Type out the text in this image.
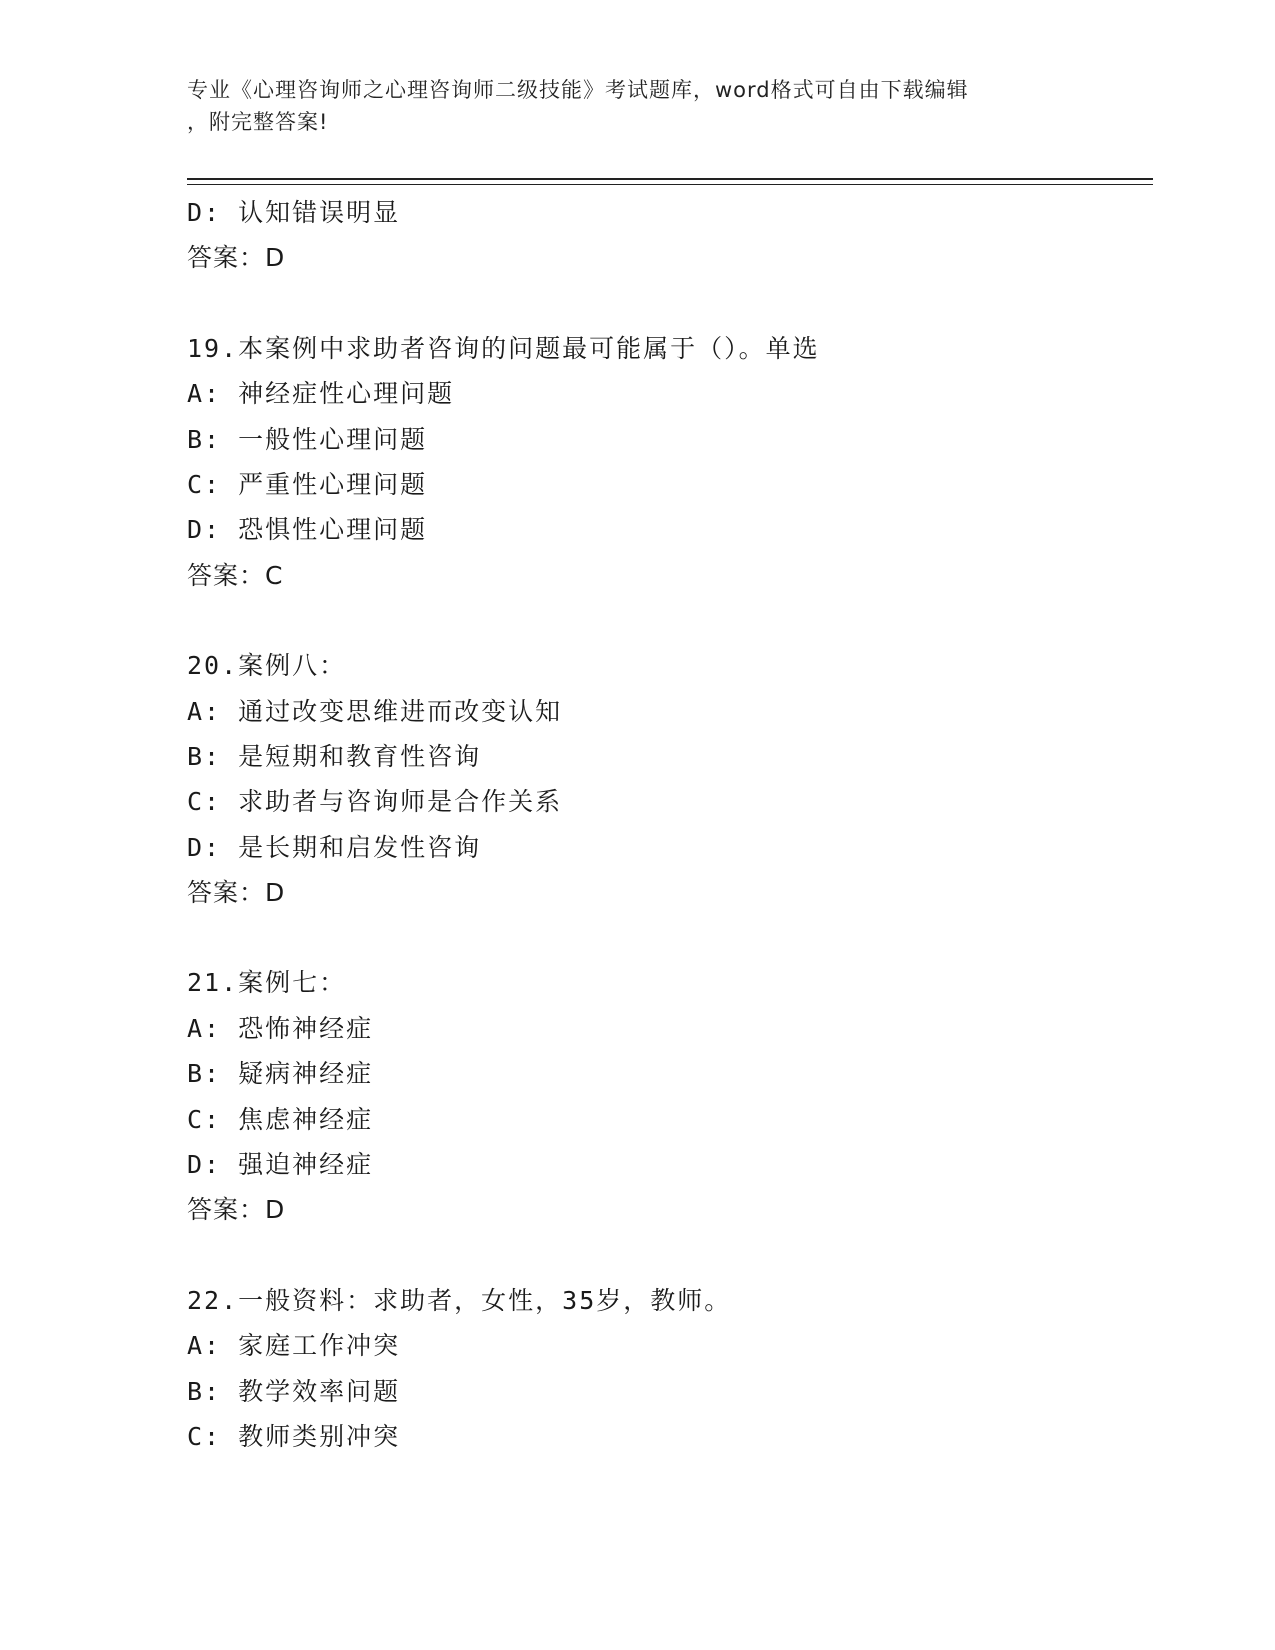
专业《心理咨询师之心理咨询师二级技能》考试题库，word格式可自由下载编辑
，附完整答案!
D: 认知错误明显
答案：D
19.本案例中求助者咨询的问题最可能属于（）。单选
A: 神经症性心理问题
B: 一般性心理问题
C: 严重性心理问题
D: 恐惧性心理问题
答案：C
20.案例八：
A: 通过改变思维进而改变认知
B: 是短期和教育性咨询
C: 求助者与咨询师是合作关系
D: 是长期和启发性咨询
答案：D
21.案例七：
A: 恐怖神经症
B: 疑病神经症
C: 焦虑神经症
D: 强迫神经症
答案：D
22.一般资料：求助者，女性，35岁，教师。
A: 家庭工作冲突
B: 教学效率问题
C: 教师类别冲突
